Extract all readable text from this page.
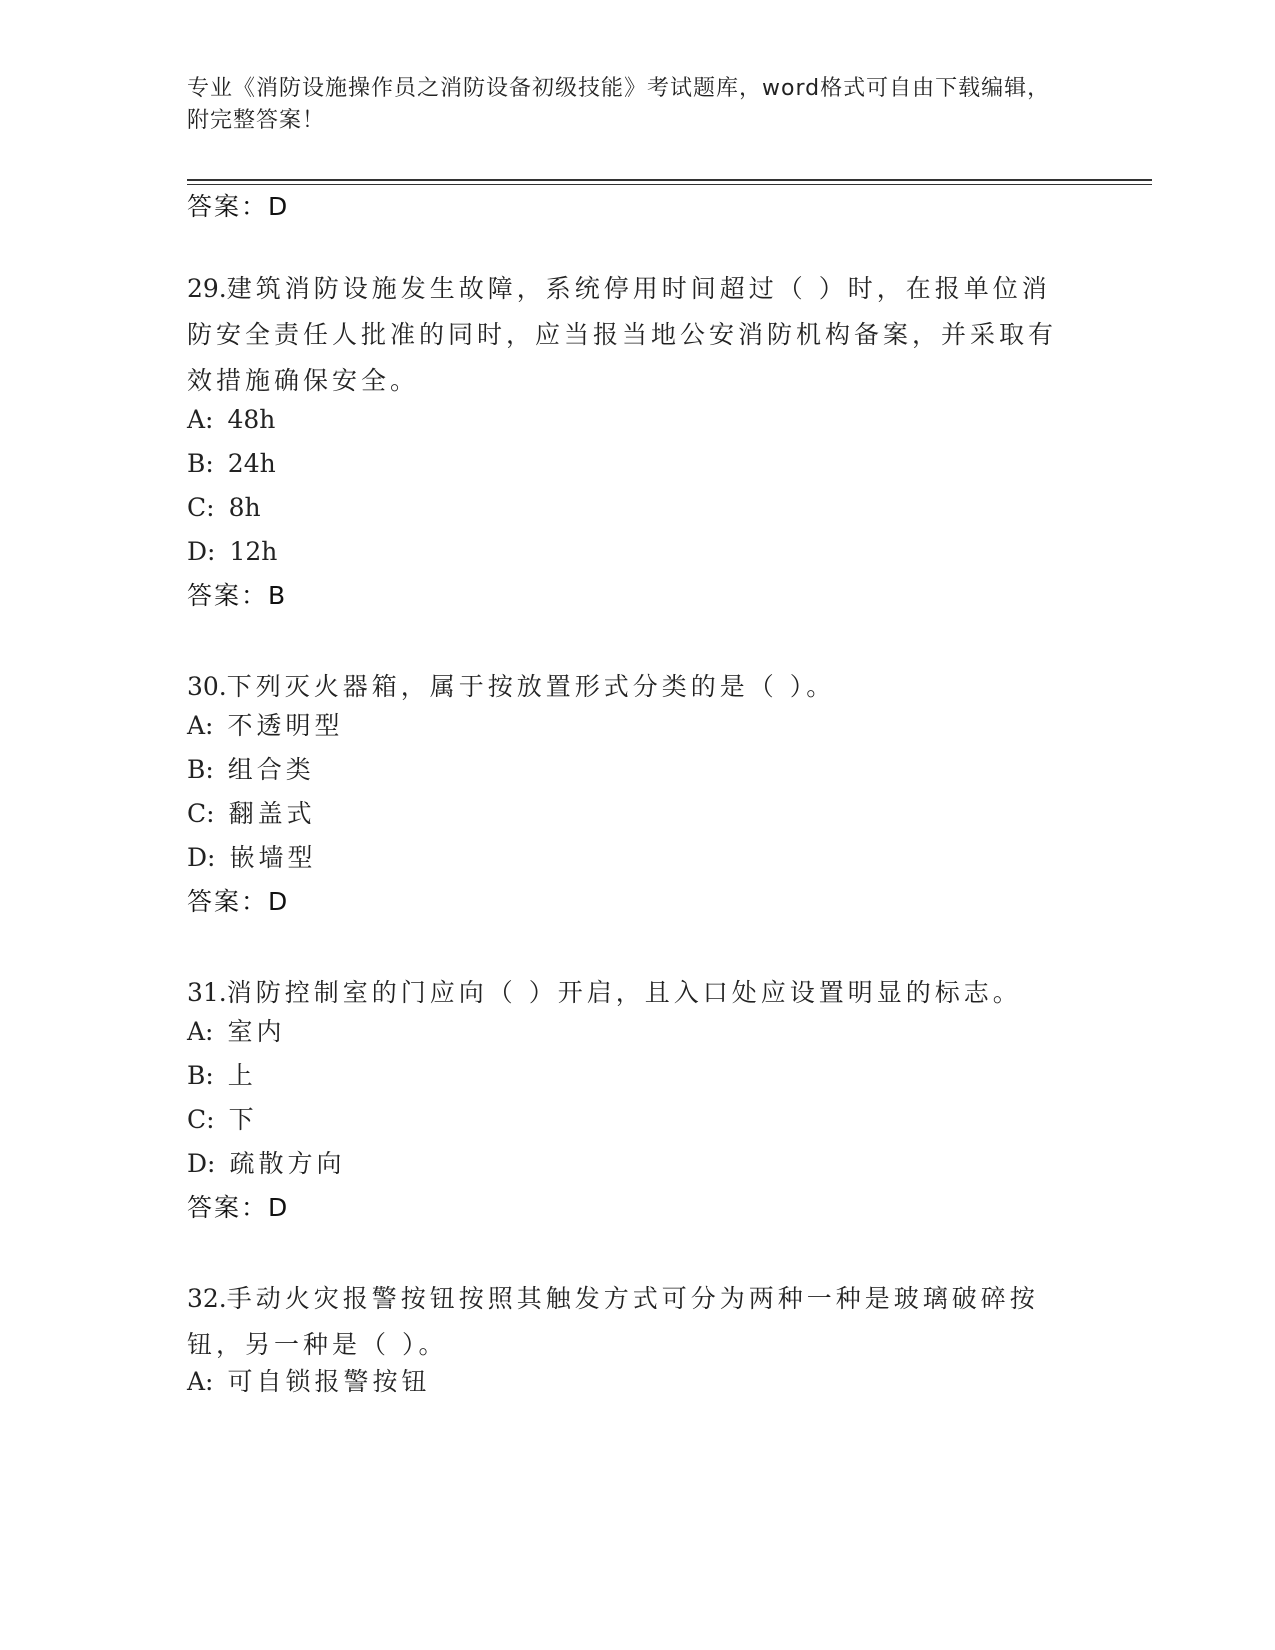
专业《消防设施操作员之消防设备初级技能》考试题库，word格式可自由下载编辑，附完整答案！
答案：D
29.建筑消防设施发生故障，系统停用时间超过（ ）时，在报单位消防安全责任人批准的同时，应当报当地公安消防机构备案，并采取有效措施确保安全。
A: 48h
B: 24h
C: 8h
D: 12h
答案：B
30.下列灭火器箱，属于按放置形式分类的是（ ）。
A: 不透明型
B: 组合类
C: 翻盖式
D: 嵌墙型
答案：D
31.消防控制室的门应向（ ）开启，且入口处应设置明显的标志。
A: 室内
B: 上
C: 下
D: 疏散方向
答案：D
32.手动火灾报警按钮按照其触发方式可分为两种一种是玻璃破碎按钮，另一种是（ ）。
A: 可自锁报警按钮
